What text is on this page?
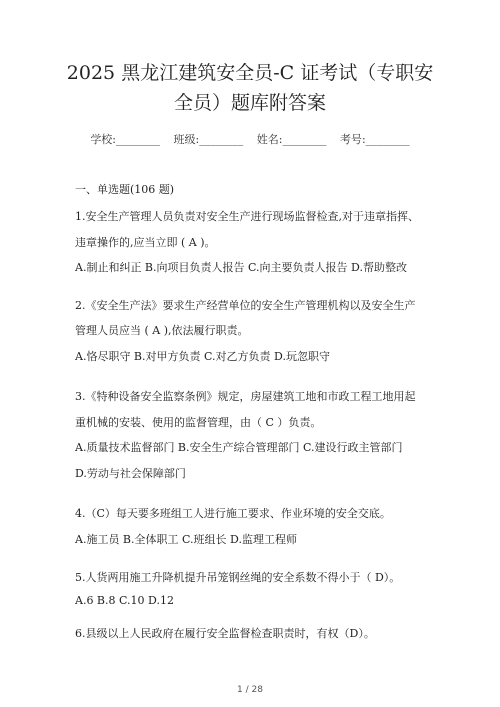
2025 黑龙江建筑安全员-C 证考试（专职安
全员）题库附答案
学校:________ 班级:________ 姓名:________ 考号:________
一、单选题(106 题)
1.安全生产管理人员负责对安全生产进行现场监督检查,对于违章指挥、
违章操作的,应当立即 ( A )。
A.制止和纠正 B.向项目负责人报告 C.向主要负责人报告 D.帮助整改
2.《安全生产法》要求生产经营单位的安全生产管理机构以及安全生产
管理人员应当 ( A ),依法履行职责。
A.恪尽职守 B.对甲方负责 C.对乙方负责 D.玩忽职守
3.《特种设备安全监察条例》规定，房屋建筑工地和市政工程工地用起
重机械的安装、使用的监督管理，由（ C ）负责。
A.质量技术监督部门 B.安全生产综合管理部门 C.建设行政主管部门
D.劳动与社会保障部门
4.（C）每天要多班组工人进行施工要求、作业环境的安全交底。
A.施工员 B.全体职工 C.班组长 D.监理工程师
5.人货两用施工升降机提升吊笼钢丝绳的安全系数不得小于（ D）。
A.6 B.8 C.10 D.12
6.县级以上人民政府在履行安全监督检查职责时，有权（D）。
1 / 28
